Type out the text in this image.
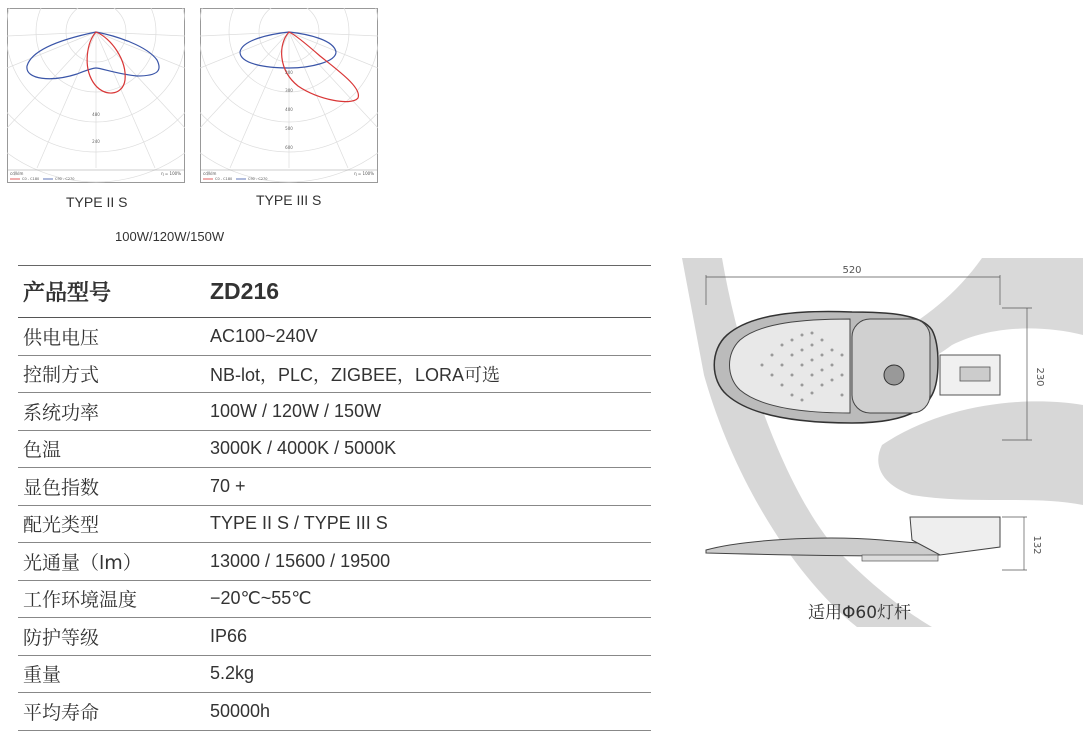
480
240
cd/klm
C0 - C180	C90 - C270
η = 100%
200
300
400
500
600
cd/klm
C0 - C180	C90 - C270
η = 100%
TYPE II S	TYPE III S
100W/120W/150W
产品型号	ZD216
供电电压	AC100~240V
控制方式	NB-lot，PLC，ZIGBEE，LORA可选
系统功率	100W / 120W / 150W
色温	3000K / 4000K / 5000K
显色指数	70 +
配光类型	TYPE II S / TYPE III S
光通量（lm）	13000 / 15600 / 19500
工作环境温度	−20℃~55℃
防护等级	IP66
重量	5.2kg
平均寿命	50000h
520
230
132
适用Φ60灯杆
